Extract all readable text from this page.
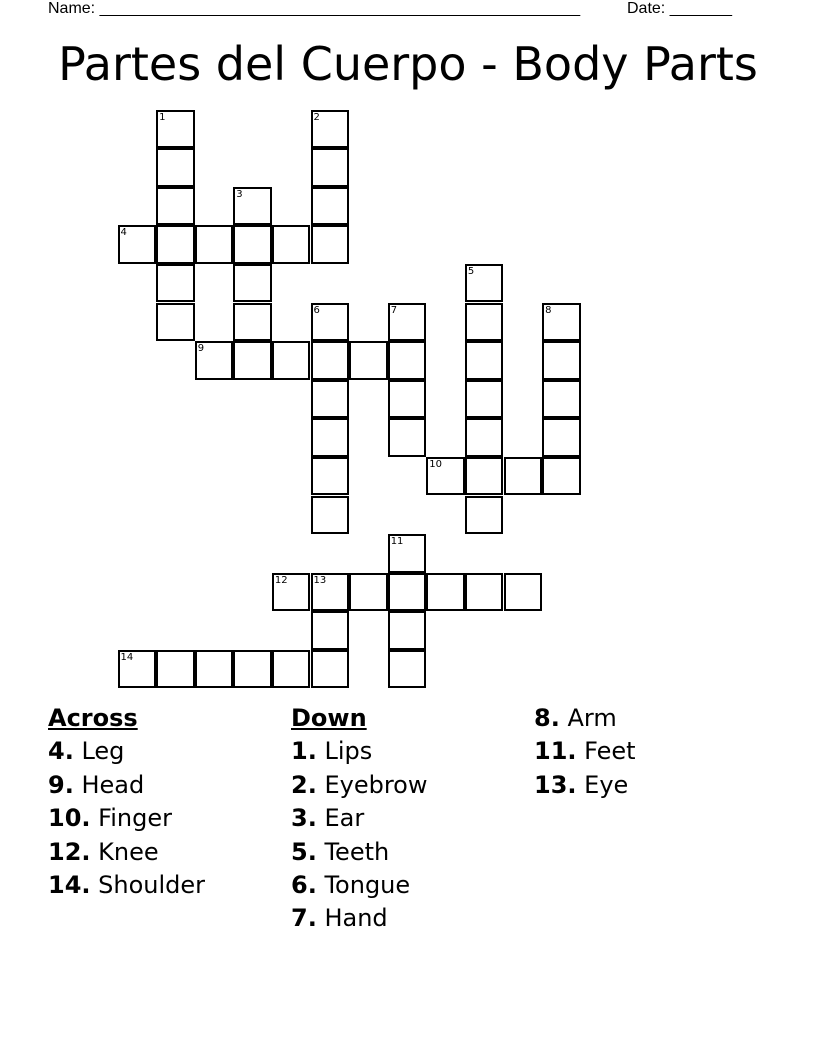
Name: ______________________________________________________	Date: _______
Partes del Cuerpo - Body Parts
1	2
3
4
5
6	7	8
9
10
11
12	13
14
Across
4. Leg
9. Head
10. Finger
12. Knee
14. Shoulder
Down
1. Lips
2. Eyebrow
3. Ear
5. Teeth
6. Tongue
7. Hand
8. Arm
11. Feet
13. Eye
